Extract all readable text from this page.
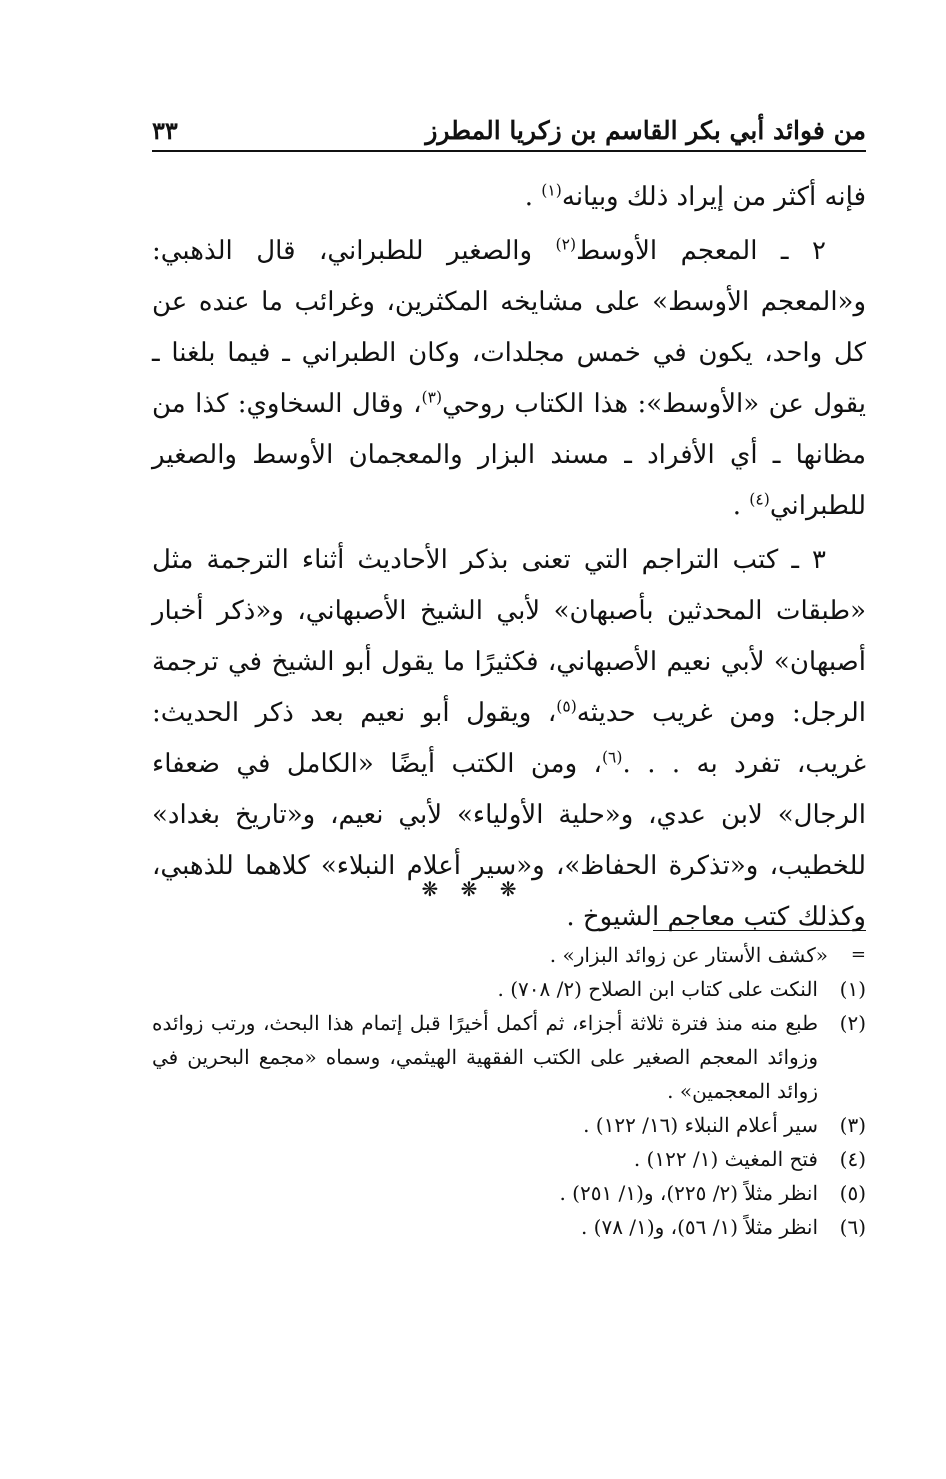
من فوائد أبي بكر القاسم بن زكريا المطرز
٣٣

فإنه أكثر من إيراد ذلك وبيانه$^{(١)}$ .

٢ ـ المعجم الأوسط$^{(٢)}$ والصغير للطبراني، قال الذهبي: و«المعجم الأوسط» على مشايخه المكثرين، وغرائب ما عنده عن كل واحد، يكون في خمس مجلدات، وكان الطبراني ـ فيما بلغنا ـ يقول عن «الأوسط»: هذا الكتاب روحي$^{(٣)}$، وقال السخاوي: كذا من مظانها ـ أي الأفراد ـ مسند البزار والمعجمان الأوسط والصغير للطبراني$^{(٤)}$ .

٣ ـ كتب التراجم التي تعنى بذكر الأحاديث أثناء الترجمة مثل «طبقات المحدثين بأصبهان» لأبي الشيخ الأصبهاني، و«ذكر أخبار أصبهان» لأبي نعيم الأصبهاني، فكثيرًا ما يقول أبو الشيخ في ترجمة الرجل: ومن غريب حديثه$^{(٥)}$، ويقول أبو نعيم بعد ذكر الحديث: غريب، تفرد به . . .$^{(٦)}$، ومن الكتب أيضًا «الكامل في ضعفاء الرجال» لابن عدي، و«حلية الأولياء» لأبي نعيم، و«تاريخ بغداد» للخطيب، و«تذكرة الحفاظ»، و«سير أعلام النبلاء» كلاهما للذهبي، وكذلك كتب معاجم الشيوخ .

❋ ❋ ❋

=
«كشف الأستار عن زوائد البزار» .

(١)
النكت على كتاب ابن الصلاح (٢/ ٧٠٨) .

(٢)
طبع منه منذ فترة ثلاثة أجزاء، ثم أكمل أخيرًا قبل إتمام هذا البحث، ورتب زوائده وزوائد المعجم الصغير على الكتب الفقهية الهيثمي، وسماه «مجمع البحرين في زوائد المعجمين» .

(٣)
سير أعلام النبلاء (١٦/ ١٢٢) .

(٤)
فتح المغيث (١/ ١٢٢) .

(٥)
انظر مثلاً (٢/ ٢٢٥)، و(١/ ٢٥١) .

(٦)
انظر مثلاً (١/ ٥٦)، و(١/ ٧٨) .
